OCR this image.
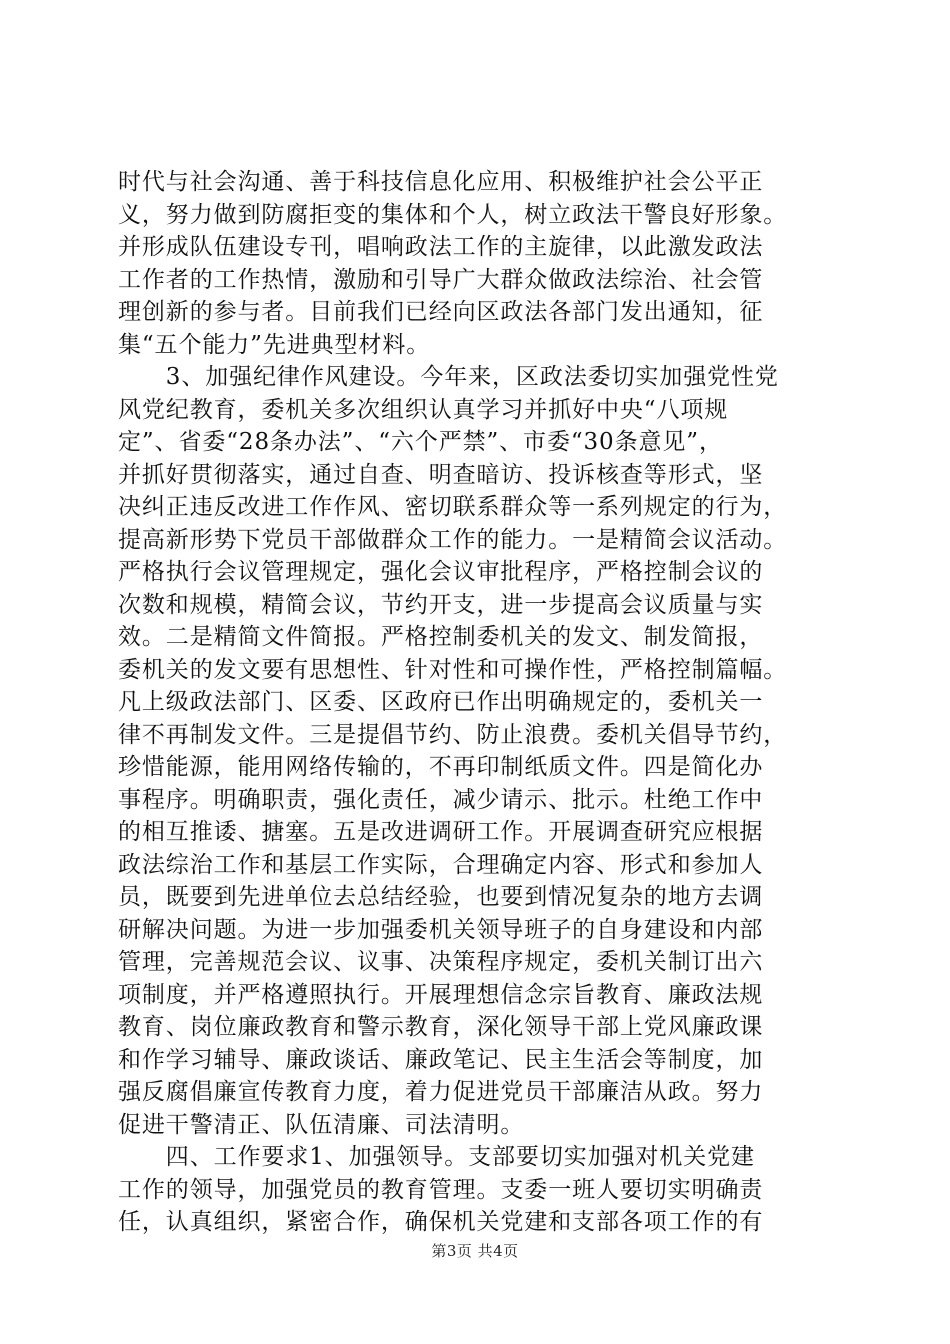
时代与社会沟通、善于科技信息化应用、积极维护社会公平正
义，努力做到防腐拒变的集体和个人，树立政法干警良好形象。
并形成队伍建设专刊，唱响政法工作的主旋律，以此激发政法
工作者的工作热情，激励和引导广大群众做政法综治、社会管
理创新的参与者。目前我们已经向区政法各部门发出通知，征
集“五个能力”先进典型材料。
　　3、加强纪律作风建设。今年来，区政法委切实加强党性党
风党纪教育，委机关多次组织认真学习并抓好中央“八项规
定”、省委“28条办法”、“六个严禁”、市委“30条意见”，
并抓好贯彻落实，通过自查、明查暗访、投诉核查等形式，坚
决纠正违反改进工作作风、密切联系群众等一系列规定的行为，
提高新形势下党员干部做群众工作的能力。一是精简会议活动。
严格执行会议管理规定，强化会议审批程序，严格控制会议的
次数和规模，精简会议，节约开支，进一步提高会议质量与实
效。二是精简文件简报。严格控制委机关的发文、制发简报，
委机关的发文要有思想性、针对性和可操作性，严格控制篇幅。
凡上级政法部门、区委、区政府已作出明确规定的，委机关一
律不再制发文件。三是提倡节约、防止浪费。委机关倡导节约，
珍惜能源，能用网络传输的，不再印制纸质文件。四是简化办
事程序。明确职责，强化责任，减少请示、批示。杜绝工作中
的相互推诿、搪塞。五是改进调研工作。开展调查研究应根据
政法综治工作和基层工作实际，合理确定内容、形式和参加人
员，既要到先进单位去总结经验，也要到情况复杂的地方去调
研解决问题。为进一步加强委机关领导班子的自身建设和内部
管理，完善规范会议、议事、决策程序规定，委机关制订出六
项制度，并严格遵照执行。开展理想信念宗旨教育、廉政法规
教育、岗位廉政教育和警示教育，深化领导干部上党风廉政课
和作学习辅导、廉政谈话、廉政笔记、民主生活会等制度，加
强反腐倡廉宣传教育力度，着力促进党员干部廉洁从政。努力
促进干警清正、队伍清廉、司法清明。
　　四、工作要求1、加强领导。支部要切实加强对机关党建
工作的领导，加强党员的教育管理。支委一班人要切实明确责
任，认真组织，紧密合作，确保机关党建和支部各项工作的有
第3页 共4页
